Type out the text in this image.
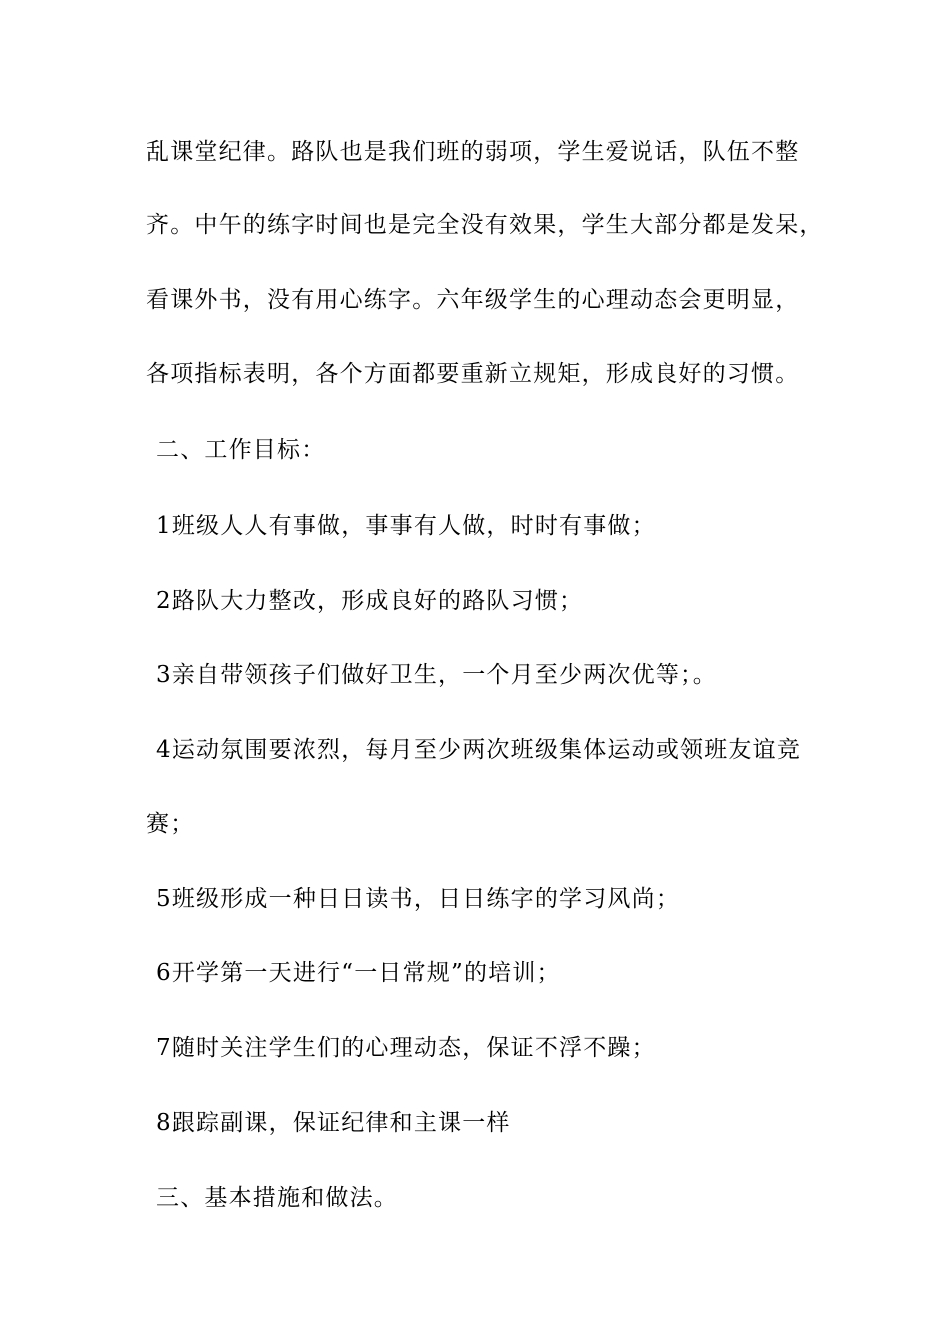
乱课堂纪律。路队也是我们班的弱项，学生爱说话，队伍不整
齐。中午的练字时间也是完全没有效果，学生大部分都是发呆，
看课外书，没有用心练字。六年级学生的心理动态会更明显，
各项指标表明，各个方面都要重新立规矩，形成良好的习惯。
二、工作目标：
1班级人人有事做，事事有人做，时时有事做；
2路队大力整改，形成良好的路队习惯；
3亲自带领孩子们做好卫生，一个月至少两次优等；。
4运动氛围要浓烈，每月至少两次班级集体运动或领班友谊竞
赛；
5班级形成一种日日读书，日日练字的学习风尚；
6开学第一天进行“一日常规”的培训；
7随时关注学生们的心理动态，保证不浮不躁；
8跟踪副课，保证纪律和主课一样
三、基本措施和做法。
